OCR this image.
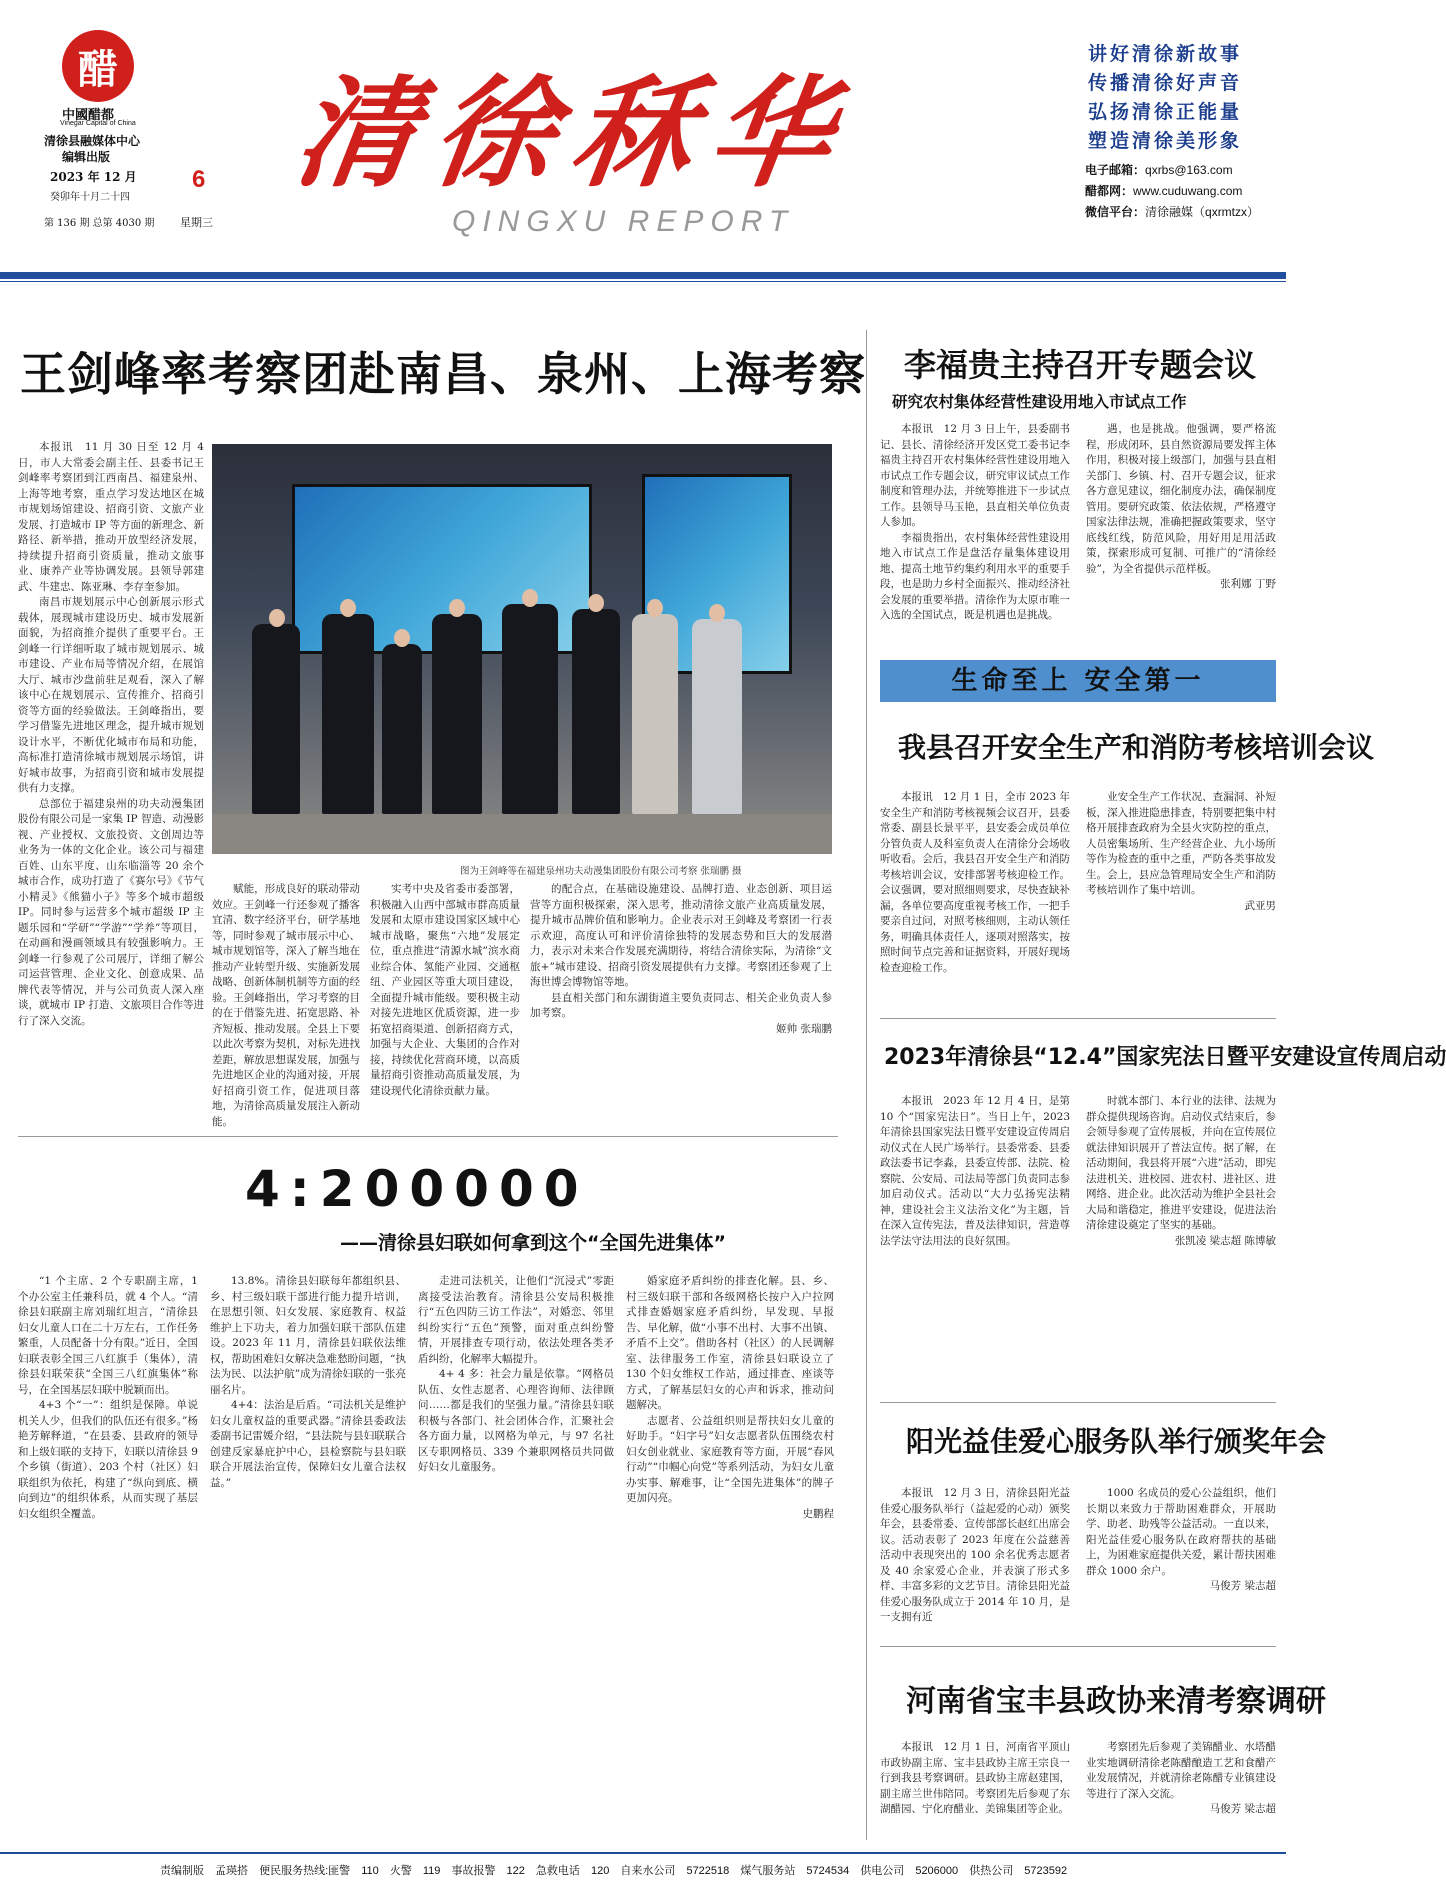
醋
中國醋都
Vinegar Capital of China
清徐县融媒体中心
编辑出版
2023 年 12 月 6
癸卯年十月二十四
第 136 期 总第 4030 期 星期三
清徐秝华
QINGXU REPORT
讲好清徐新故事
传播清徐好声音
弘扬清徐正能量
塑造清徐美形象
电子邮箱：qxrbs@163.com
醋都网：www.cuduwang.com
微信平台：清徐融媒（qxrmtzx）
王剑峰率考察团赴南昌、泉州、上海考察

本报讯　11 月 30 日至 12 月 4 日，市人大常委会副主任、县委书记王剑峰率考察团到江西南昌、福建泉州、上海等地考察，重点学习发达地区在城市规划场馆建设、招商引资、文旅产业发展、打造城市 IP 等方面的新理念、新路径、新举措，推动开放型经济发展，持续提升招商引资质量，推动文旅事业、康养产业等协调发展。县领导郭建武、牛建忠、陈亚琳、李存奎参加。

南昌市规划展示中心创新展示形式载体，展现城市建设历史、城市发展新面貌，为招商推介提供了重要平台。王剑峰一行详细听取了城市规划展示、城市建设、产业布局等情况介绍，在展馆大厅、城市沙盘前驻足观看，深入了解该中心在规划展示、宣传推介、招商引资等方面的经验做法。王剑峰指出，要学习借鉴先进地区理念，提升城市规划设计水平，不断优化城市布局和功能，高标准打造清徐城市规划展示场馆，讲好城市故事，为招商引资和城市发展提供有力支撑。

总部位于福建泉州的功夫动漫集团股份有限公司是一家集 IP 智造、动漫影视、产业授权、文旅投资、文创周边等业务为一体的文化企业。该公司与福建百姓、山东平度、山东临淄等 20 余个城市合作，成功打造了《赛尔号》《节气小精灵》《熊猫小子》等多个城市超级 IP。同时参与运营多个城市超级 IP 主题乐园和“学研”“学游”“学养”等项目，在动画和漫画领域具有较强影响力。王剑峰一行参观了公司展厅，详细了解公司运营管理、企业文化、创意成果、品牌代表等情况，并与公司负责人深入座谈，就城市 IP 打造、文旅项目合作等进行了深入交流。

图为王剑峰等在福建泉州功夫动漫集团股份有限公司考察 张瑞鹏 摄

赋能，形成良好的联动带动效应。王剑峰一行还参观了播客宜清、数字经济平台，研学基地等，同时参观了城市展示中心、城市规划馆等，深入了解当地在推动产业转型升级、实施新发展战略、创新体制机制等方面的经验。王剑峰指出，学习考察的目的在于借鉴先进、拓宽思路、补齐短板、推动发展。全县上下要以此次考察为契机，对标先进找差距，解放思想谋发展，加强与先进地区企业的沟通对接，开展好招商引资工作，促进项目落地，为清徐高质量发展注入新动能。

实考中央及省委市委部署，积极融入山西中部城市群高质量发展和太原市建设国家区域中心城市战略，聚焦“六地”发展定位，重点推进“清源水城”滨水商业综合体、氢能产业园、交通枢纽、产业园区等重大项目建设，全面提升城市能级。要积极主动对接先进地区优质资源，进一步拓宽招商渠道、创新招商方式，加强与大企业、大集团的合作对接，持续优化营商环境，以高质量招商引资推动高质量发展，为建设现代化清徐贡献力量。

的配合点，在基础设施建设、品牌打造、业态创新、项目运营等方面积极探索，深入思考，推动清徐文旅产业高质量发展，提升城市品牌价值和影响力。企业表示对王剑峰及考察团一行表示欢迎，高度认可和评价清徐独特的发展态势和巨大的发展潜力，表示对未来合作发展充满期待，将结合清徐实际，为清徐“文旅+”城市建设、招商引资发展提供有力支撑。考察团还参观了上海世博会博物馆等地。

县直相关部门和东湖街道主要负责同志、相关企业负责人参加考察。

姬帅 张瑞鹏

4:200000
——清徐县妇联如何拿到这个“全国先进集体”

“1 个主席、2 个专职副主席，1 个办公室主任兼科员，就 4 个人。“清徐县妇联副主席刘瑞红坦言，“清徐县妇女儿童人口在二十万左右，工作任务繁重，人员配备十分有限。”近日，全国妇联表彰全国三八红旗手（集体），清徐县妇联荣获“全国三八红旗集体”称号，在全国基层妇联中脱颖而出。

4+3 个“一”：组织是保障。单说机关人少，但我们的队伍还有很多。”杨艳芳解释道，“在县委、县政府的领导和上级妇联的支持下，妇联以清徐县 9 个乡镇（街道）、203 个村（社区）妇联组织为依托，构建了“纵向到底、横向到边”的组织体系，从而实现了基层妇女组织全覆盖。

13.8%。清徐县妇联每年都组织县、乡、村三级妇联干部进行能力提升培训，在思想引领、妇女发展、家庭教育、权益维护上下功夫，着力加强妇联干部队伍建设。2023 年 11 月，清徐县妇联依法维权，帮助困难妇女解决急难愁盼问题，“执法为民、以法护航”成为清徐妇联的一张亮丽名片。

4+4：法治是后盾。“司法机关是维护妇女儿童权益的重要武器。”清徐县委政法委副书记雷媛介绍，“县法院与县妇联联合创建反家暴庇护中心，县检察院与县妇联联合开展法治宣传，保障妇女儿童合法权益。”

走进司法机关，让他们“沉浸式”零距离接受法治教育。清徐县公安局积极推行“五色四防三访工作法”，对婚恋、邻里纠纷实行“五色”预警，面对重点纠纷警情，开展排查专项行动，依法处理各类矛盾纠纷，化解率大幅提升。

4+ 4 多：社会力量是依靠。“网格员队伍、女性志愿者、心理咨询师、法律顾问……都是我们的坚强力量。”清徐县妇联积极与各部门、社会团体合作，汇聚社会各方面力量，以网格为单元，与 97 名社区专职网格员、339 个兼职网格员共同做好妇女儿童服务。

婚家庭矛盾纠纷的排查化解。县、乡、村三级妇联干部和各级网格长按户入户拉网式排查婚姻家庭矛盾纠纷，早发现、早报告、早化解，做“小事不出村、大事不出镇、矛盾不上交”。借助各村（社区）的人民调解室、法律服务工作室，清徐县妇联设立了 130 个妇女维权工作站，通过排查、座谈等方式，了解基层妇女的心声和诉求，推动问题解决。

志愿者、公益组织则是帮扶妇女儿童的好助手。“妇字号”妇女志愿者队伍围绕农村妇女创业就业、家庭教育等方面，开展“春风行动”“巾帼心向党”等系列活动，为妇女儿童办实事、解难事，让“全国先进集体”的牌子更加闪亮。

史鹏程

李福贵主持召开专题会议
研究农村集体经营性建设用地入市试点工作

本报讯　12 月 3 日上午，县委副书记、县长、清徐经济开发区党工委书记李福贵主持召开农村集体经营性建设用地入市试点工作专题会议，研究审议试点工作制度和管理办法，并统筹推进下一步试点工作。县领导马玉艳，县直相关单位负责人参加。

李福贵指出，农村集体经营性建设用地入市试点工作是盘活存量集体建设用地、提高土地节约集约利用水平的重要手段，也是助力乡村全面振兴、推动经济社会发展的重要举措。清徐作为太原市唯一入选的全国试点，既是机遇也是挑战。

遇，也是挑战。他强调，要严格流程，形成闭环，县自然资源局要发挥主体作用，积极对接上级部门，加强与县直相关部门、乡镇、村、召开专题会议，征求各方意见建议，细化制度办法，确保制度管用。要研究政策、依法依规，严格遵守国家法律法规，准确把握政策要求，坚守底线红线，防范风险，用好用足用活政策，探索形成可复制、可推广的“清徐经验”，为全省提供示范样板。

张利娜 丁野

生命至上 安全第一
我县召开安全生产和消防考核培训会议

本报讯　12 月 1 日，全市 2023 年安全生产和消防考核视频会议召开，县委常委、副县长景平平，县安委会成员单位分管负责人及科室负责人在清徐分会场收听收看。会后，我县召开安全生产和消防考核培训会议，安排部署考核迎检工作。会议强调，要对照细则要求，尽快查缺补漏，各单位要高度重视考核工作，一把手要亲自过问，对照考核细则，主动认领任务，明确具体责任人，逐项对照落实，按照时间节点完善和证据资料，开展好现场检查迎检工作。

业安全生产工作状况、查漏洞、补短板，深入推进隐患排查，特别要把集中村格开展排查政府为全县火灾防控的重点，人员密集场所、生产经营企业、九小场所等作为检查的重中之重，严防各类事故发生。会上，县应急管理局安全生产和消防考核培训作了集中培训。

武亚男

2023年清徐县“12.4”国家宪法日暨平安建设宣传周启动

本报讯　2023 年 12 月 4 日，是第 10 个“国家宪法日”。当日上午，2023 年清徐县国家宪法日暨平安建设宣传周启动仪式在人民广场举行。县委常委、县委政法委书记李淼，县委宣传部、法院、检察院、公安局、司法局等部门负责同志参加启动仪式。活动以“大力弘扬宪法精神，建设社会主义法治文化”为主题，旨在深入宣传宪法，普及法律知识，营造尊法学法守法用法的良好氛围。

时就本部门、本行业的法律、法规为群众提供现场咨询。启动仪式结束后，参会领导参观了宣传展板，并向在宣传展位就法律知识展开了普法宣传。据了解，在活动期间，我县将开展“六进”活动，即宪法进机关、进校园、进农村、进社区、进网络、进企业。此次活动为维护全县社会大局和谐稳定，推进平安建设，促进法治清徐建设奠定了坚实的基础。

张凯凌 梁志超 陈博敏

阳光益佳爱心服务队举行颁奖年会

本报讯　12 月 3 日，清徐县阳光益佳爱心服务队举行（益起爱的心动）颁奖年会，县委常委、宣传部部长赵红出席会议。活动表彰了 2023 年度在公益慈善活动中表现突出的 100 余名优秀志愿者及 40 余家爱心企业，并表演了形式多样、丰富多彩的文艺节目。清徐县阳光益佳爱心服务队成立于 2014 年 10 月，是一支拥有近

1000 名成员的爱心公益组织，他们长期以来致力于帮助困难群众，开展助学、助老、助残等公益活动。一直以来，阳光益佳爱心服务队在政府帮扶的基础上，为困难家庭提供关爱，累计帮扶困难群众 1000 余户。

马俊芳 梁志超

河南省宝丰县政协来清考察调研

本报讯　12 月 1 日，河南省平顶山市政协副主席、宝丰县政协主席王宗良一行到我县考察调研。县政协主席赵建国，副主席兰世伟陪同。考察团先后参观了东湖醋园、宁化府醋业、美锦集团等企业。

考察团先后参观了美锦醋业、水塔醋业实地调研清徐老陈醋酿造工艺和食醋产业发展情况，并就清徐老陈醋专业镇建设等进行了深入交流。

马俊芳 梁志超

责编制版 孟瑛搭 便民服务热线:匪警 110 火警 119 事故报警 122 急救电话 120 自来水公司 5722518 煤气服务站 5724534 供电公司 5206000 供热公司 5723592
